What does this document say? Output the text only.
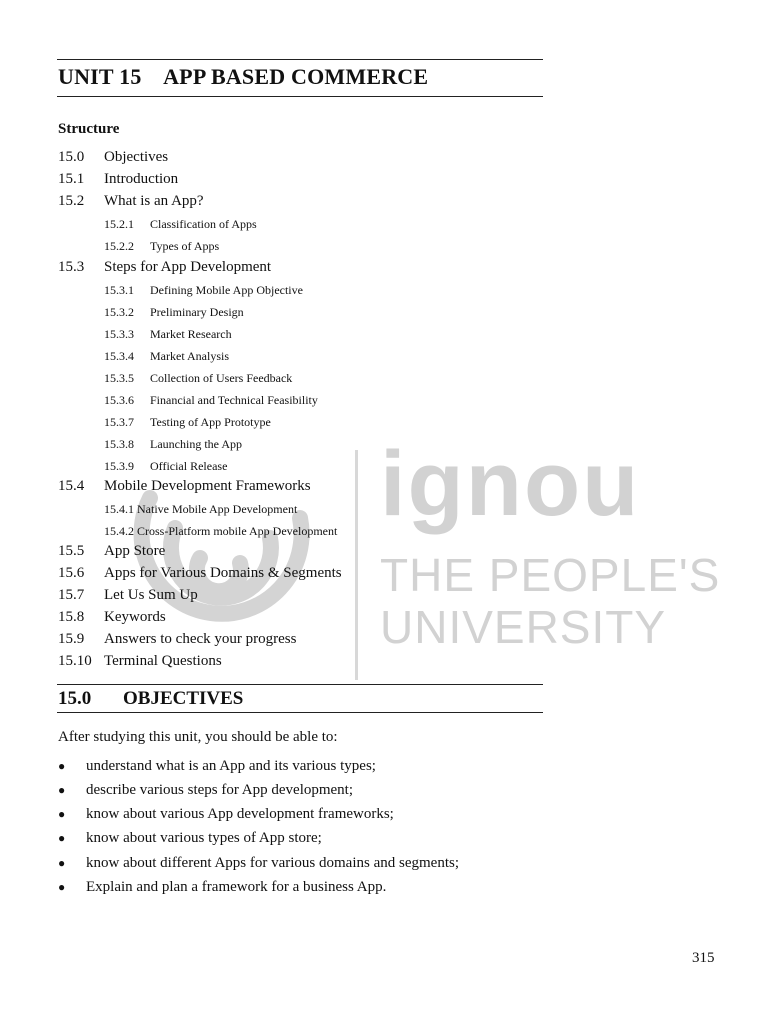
ignou
THE PEOPLE'S
UNIVERSITY
UNIT 15    APP BASED COMMERCE
Structure
15.0 Objectives
15.1 Introduction
15.2 What is an App?
15.2.1 Classification of Apps
15.2.2 Types of Apps
15.3 Steps for App Development
15.3.1 Defining Mobile App Objective
15.3.2 Preliminary Design
15.3.3 Market Research
15.3.4 Market Analysis
15.3.5 Collection of Users Feedback
15.3.6 Financial and Technical Feasibility
15.3.7 Testing of App Prototype
15.3.8 Launching the App
15.3.9 Official Release
15.4 Mobile Development Frameworks
15.4.1 Native Mobile App Development
15.4.2 Cross-Platform mobile App Development
15.5 App Store
15.6 Apps for Various Domains & Segments
15.7 Let Us Sum Up
15.8 Keywords
15.9 Answers to check your progress
15.10 Terminal Questions
15.0 OBJECTIVES

After studying this unit, you should be able to:

● understand what is an App and its various types;
● describe various steps for App development;
● know about various App development frameworks;
● know about various types of App store;
● know about different Apps for various domains and segments;
● Explain and plan a framework for a business App.
315
